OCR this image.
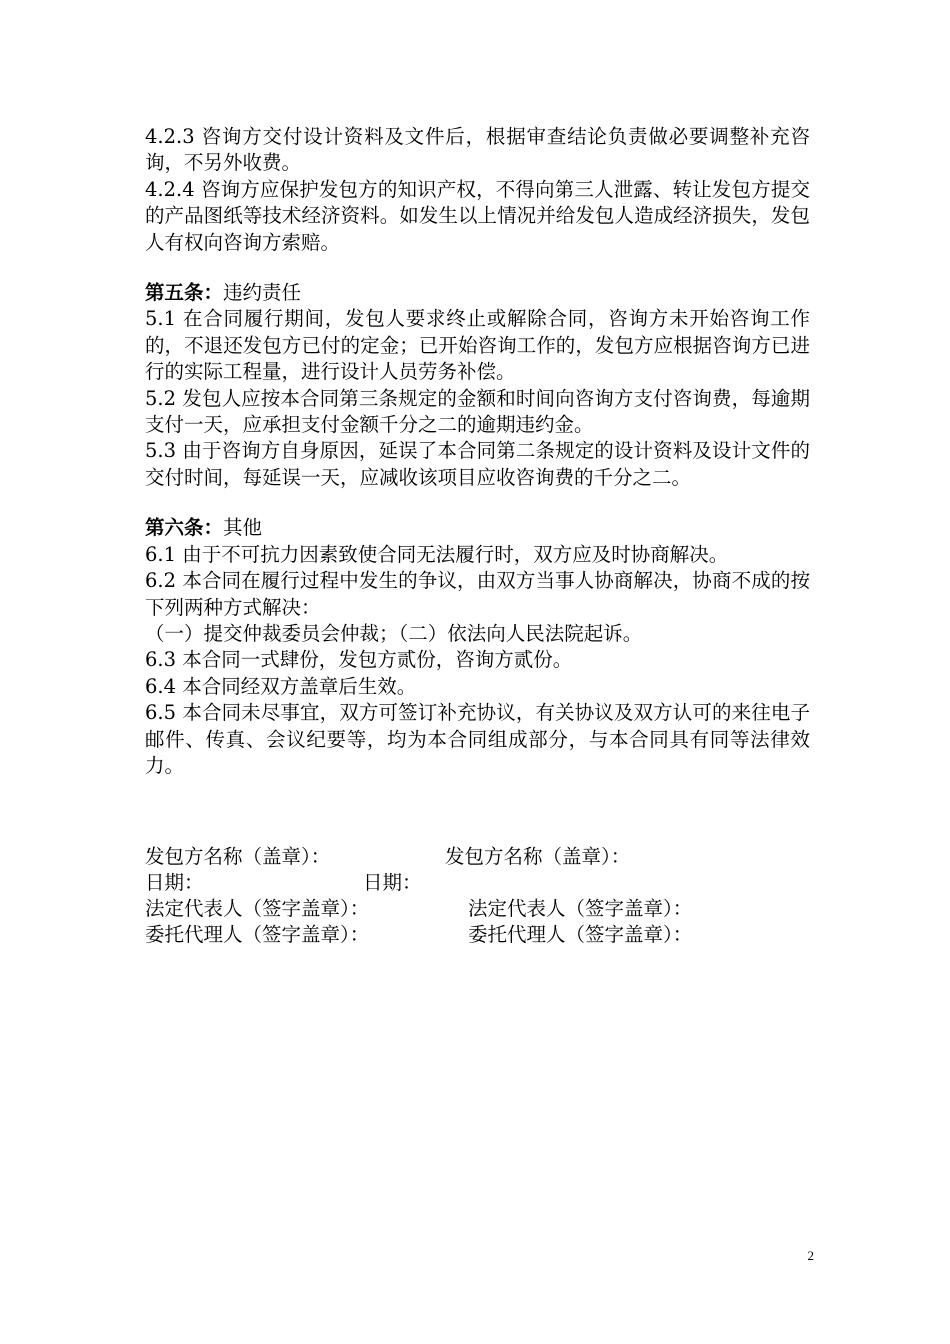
4.2.3 咨询方交付设计资料及文件后，根据审查结论负责做必要调整补充咨询，不另外收费。

4.2.4 咨询方应保护发包方的知识产权，不得向第三人泄露、转让发包方提交的产品图纸等技术经济资料。如发生以上情况并给发包人造成经济损失，发包人有权向咨询方索赔。

第五条：违约责任

5.1 在合同履行期间，发包人要求终止或解除合同，咨询方未开始咨询工作的，不退还发包方已付的定金；已开始咨询工作的，发包方应根据咨询方已进行的实际工程量，进行设计人员劳务补偿。

5.2 发包人应按本合同第三条规定的金额和时间向咨询方支付咨询费，每逾期支付一天，应承担支付金额千分之二的逾期违约金。

5.3 由于咨询方自身原因，延误了本合同第二条规定的设计资料及设计文件的交付时间，每延误一天，应减收该项目应收咨询费的千分之二。

第六条：其他

6.1 由于不可抗力因素致使合同无法履行时，双方应及时协商解决。

6.2 本合同在履行过程中发生的争议，由双方当事人协商解决，协商不成的按下列两种方式解决：

（一）提交仲裁委员会仲裁；（二）依法向人民法院起诉。

6.3 本合同一式肆份，发包方贰份，咨询方贰份。

6.4 本合同经双方盖章后生效。

6.5 本合同未尽事宜，双方可签订补充协议，有关协议及双方认可的来往电子邮件、传真、会议纪要等，均为本合同组成部分，与本合同具有同等法律效力。

发包方名称（盖章）：	发包方名称（盖章）：
日期：	日期：
法定代表人（签字盖章）：	法定代表人（签字盖章）：
委托代理人（签字盖章）：	委托代理人（签字盖章）：
2
